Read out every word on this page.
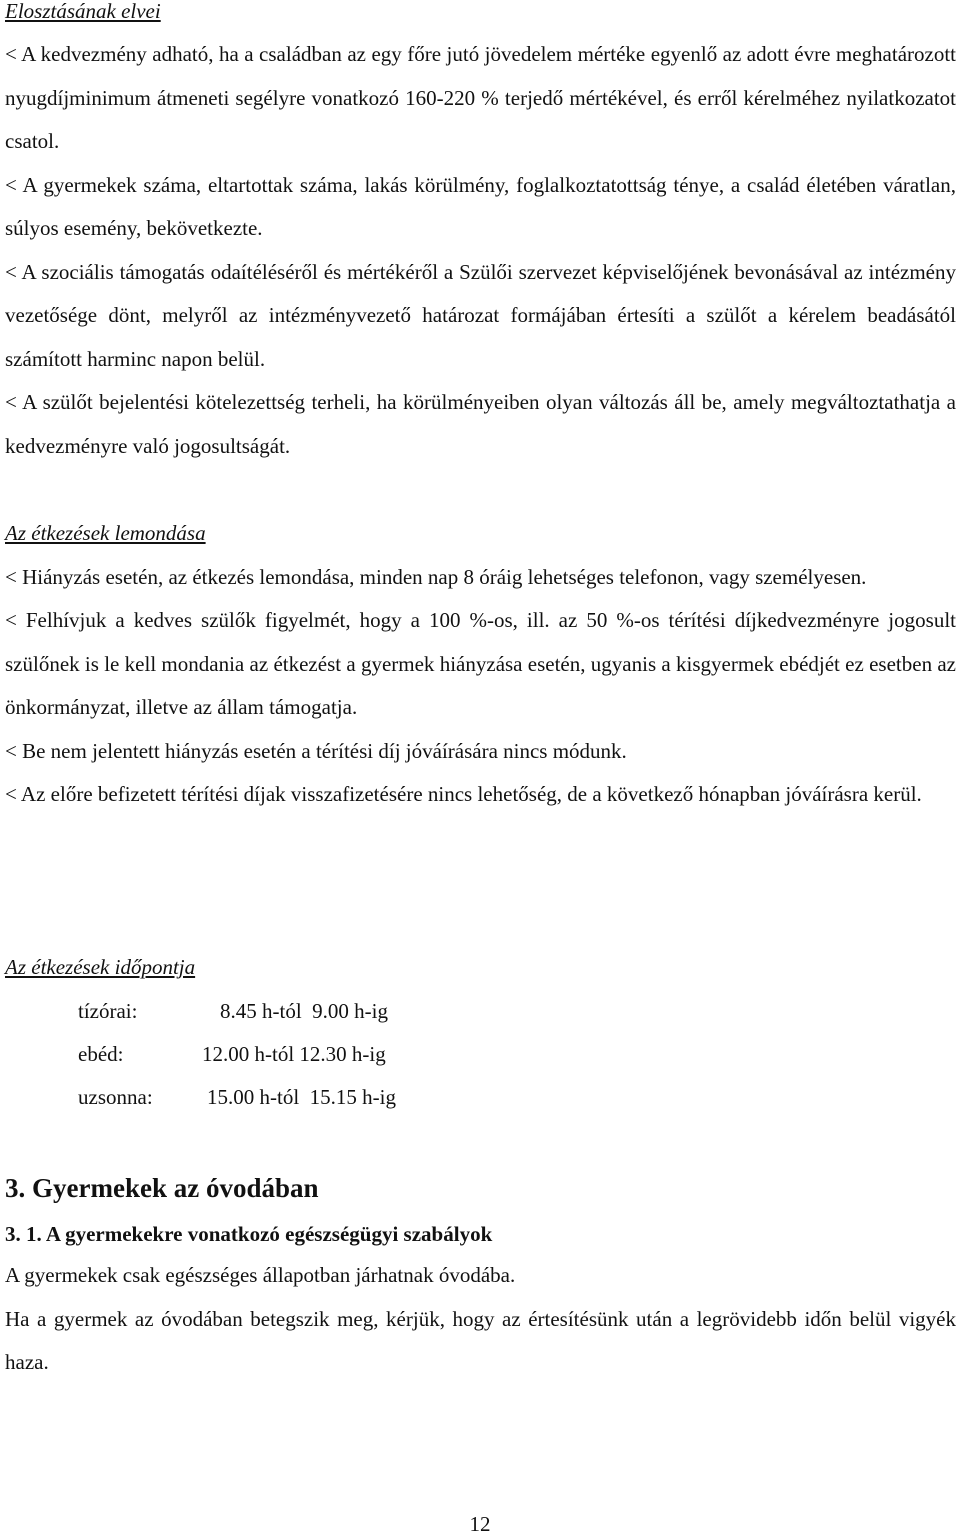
Elosztásának elvei

< A kedvezmény adható, ha a családban az egy főre jutó jövedelem mértéke egyenlő az adott évre meghatározott nyugdíjminimum átmeneti segélyre vonatkozó 160-220 % terjedő mértékével, és erről kérelméhez nyilatkozatot csatol.

< A gyermekek száma, eltartottak száma, lakás körülmény, foglalkoztatottság ténye, a család életében váratlan, súlyos esemény, bekövetkezte.

< A szociális támogatás odaítéléséről és mértékéről a Szülői szervezet képviselőjének bevonásával az intézmény vezetősége dönt, melyről az intézményvezető határozat formájában értesíti a szülőt a kérelem beadásától számított harminc napon belül.

< A szülőt bejelentési kötelezettség terheli, ha körülményeiben olyan változás áll be, amely megváltoztathatja a kedvezményre való jogosultságát.

Az étkezések lemondása

< Hiányzás esetén, az étkezés lemondása, minden nap 8 óráig lehetséges telefonon, vagy személyesen.

< Felhívjuk a kedves szülők figyelmét, hogy a 100 %-os, ill. az 50 %-os térítési díjkedvezményre jogosult szülőnek is le kell mondania az étkezést a gyermek hiányzása esetén, ugyanis a kisgyermek ebédjét ez esetben az önkormányzat, illetve az állam támogatja.

< Be nem jelentett hiányzás esetén a térítési díj jóváírására nincs módunk.

< Az előre befizetett térítési díjak visszafizetésére nincs lehetőség, de a következő hónapban jóváírásra kerül.

Az étkezések időpontja

tízórai:	8.45 h-tól  9.00 h-ig
ebéd:	12.00 h-tól 12.30 h-ig
uzsonna:	15.00 h-tól  15.15 h-ig

3. Gyermekek az óvodában

3. 1. A gyermekekre vonatkozó egészségügyi szabályok

A gyermekek csak egészséges állapotban járhatnak óvodába.

Ha a gyermek az óvodában betegszik meg, kérjük, hogy az értesítésünk után a legrövidebb időn belül vigyék haza.

12
